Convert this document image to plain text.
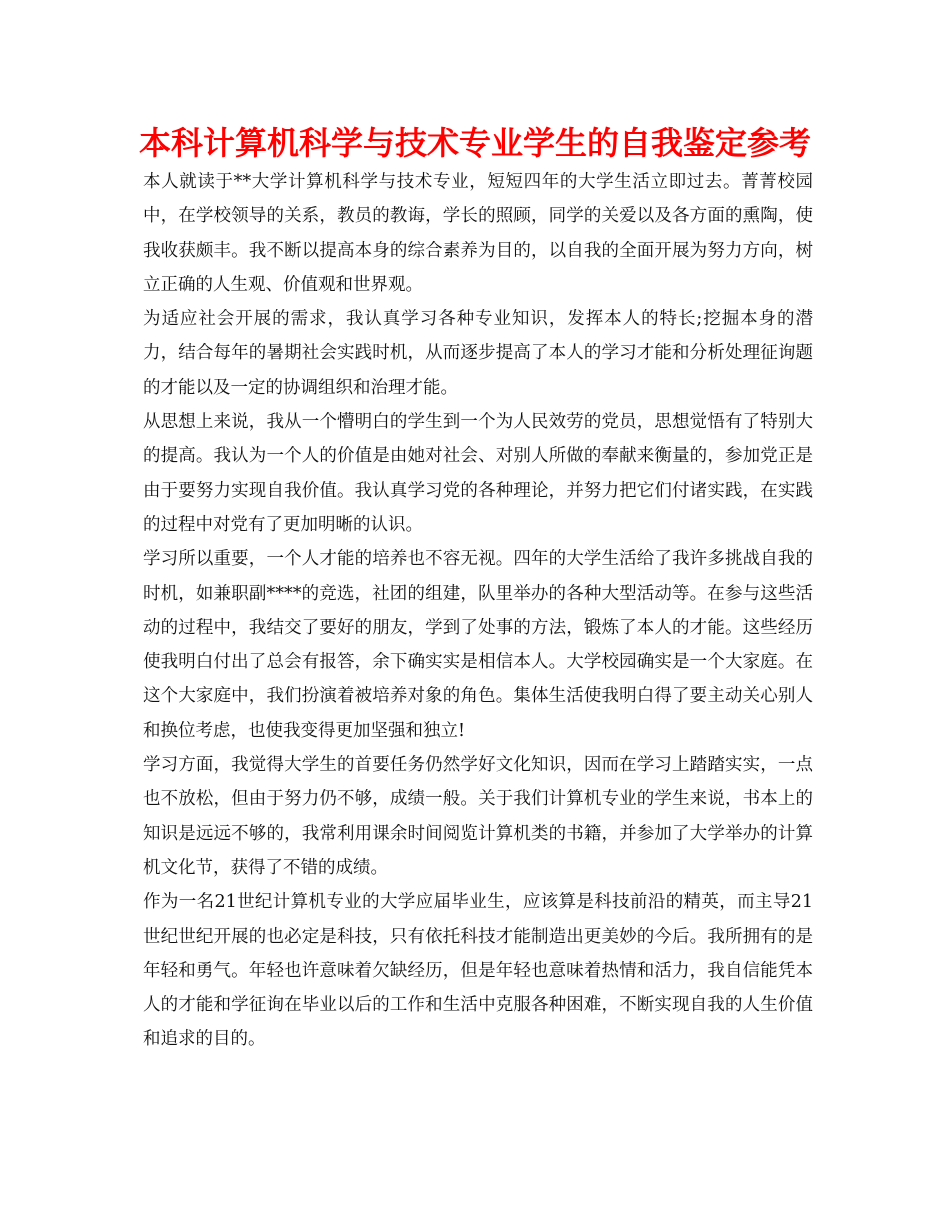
本科计算机科学与技术专业学生的自我鉴定参考

本人就读于**大学计算机科学与技术专业，短短四年的大学生活立即过去。菁菁校园中，在学校领导的关系，教员的教诲，学长的照顾，同学的关爱以及各方面的熏陶，使我收获颇丰。我不断以提高本身的综合素养为目的，以自我的全面开展为努力方向，树立正确的人生观、价值观和世界观。

为适应社会开展的需求，我认真学习各种专业知识，发挥本人的特长;挖掘本身的潜力，结合每年的暑期社会实践时机，从而逐步提高了本人的学习才能和分析处理征询题的才能以及一定的协调组织和治理才能。

从思想上来说，我从一个懵明白的学生到一个为人民效劳的党员，思想觉悟有了特别大的提高。我认为一个人的价值是由她对社会、对别人所做的奉献来衡量的，参加党正是由于要努力实现自我价值。我认真学习党的各种理论，并努力把它们付诸实践，在实践的过程中对党有了更加明晰的认识。

学习所以重要，一个人才能的培养也不容无视。四年的大学生活给了我许多挑战自我的时机，如兼职副****的竞选，社团的组建，队里举办的各种大型活动等。在参与这些活动的过程中，我结交了要好的朋友，学到了处事的方法，锻炼了本人的才能。这些经历使我明白付出了总会有报答，余下确实实是相信本人。大学校园确实是一个大家庭。在这个大家庭中，我们扮演着被培养对象的角色。集体生活使我明白得了要主动关心别人和换位考虑，也使我变得更加坚强和独立!

学习方面，我觉得大学生的首要任务仍然学好文化知识，因而在学习上踏踏实实，一点也不放松，但由于努力仍不够，成绩一般。关于我们计算机专业的学生来说，书本上的知识是远远不够的，我常利用课余时间阅览计算机类的书籍，并参加了大学举办的计算机文化节，获得了不错的成绩。

作为一名21世纪计算机专业的大学应届毕业生，应该算是科技前沿的精英，而主导21世纪世纪开展的也必定是科技，只有依托科技才能制造出更美妙的今后。我所拥有的是年轻和勇气。年轻也许意味着欠缺经历，但是年轻也意味着热情和活力，我自信能凭本人的才能和学征询在毕业以后的工作和生活中克服各种困难，不断实现自我的人生价值和追求的目的。
